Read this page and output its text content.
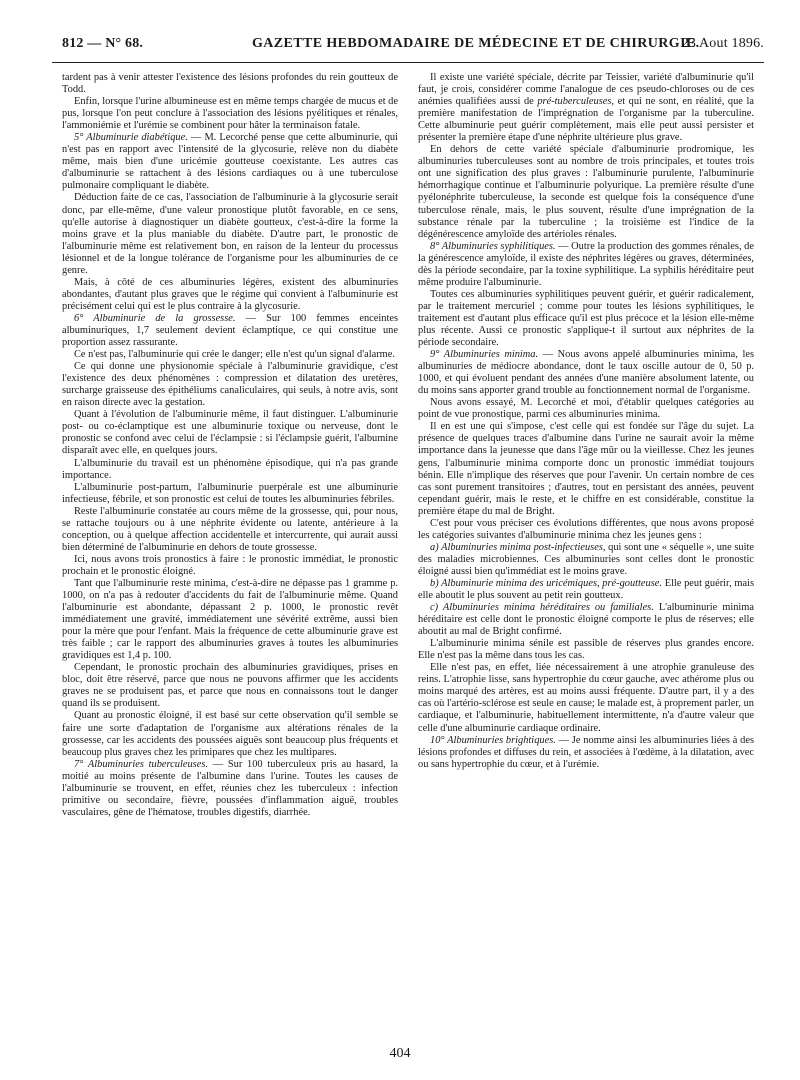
812 — N° 68.	GAZETTE HEBDOMADAIRE DE MÉDECINE ET DE CHIRURGIE.
23 Aout 1896.

tardent pas à venir attester l'existence des lésions profondes du rein goutteux de Todd.

Enfin, lorsque l'urine albumineuse est en même temps chargée de mucus et de pus, lorsque l'on peut conclure à l'association des lésions pyélitiques et rénales, l'ammoniémie et l'urémie se combinent pour hâter la terminaison fatale.

5° Albuminurie diabétique. — M. Lecorché pense que cette albuminurie, qui n'est pas en rapport avec l'intensité de la glycosurie, relève non du diabète même, mais bien d'une uricémie goutteuse coexistante. Les autres cas d'albuminurie se rattachent à des lésions cardiaques ou à une tuberculose pulmonaire compliquant le diabète.

Déduction faite de ce cas, l'association de l'albuminurie à la glycosurie serait donc, par elle-même, d'une valeur pronostique plutôt favorable, en ce sens, qu'elle autorise à diagnostiquer un diabète goutteux, c'est-à-dire la forme la moins grave et la plus maniable du diabète. D'autre part, le pronostic de l'albuminurie même est relativement bon, en raison de la lenteur du processus lésionnel et de la longue tolérance de l'organisme pour les albuminuries de ce genre.

Mais, à côté de ces albuminuries légères, existent des albuminuries abondantes, d'autant plus graves que le régime qui convient à l'albuminurie est précisément celui qui est le plus contraire à la glycosurie.

6° Albuminurie de la grossesse. — Sur 100 femmes enceintes albuminuriques, 1,7 seulement devient éclamptique, ce qui constitue une proportion assez rassurante.

Ce n'est pas, l'albuminurie qui crée le danger; elle n'est qu'un signal d'alarme.

Ce qui donne une physionomie spéciale à l'albuminurie gravidique, c'est l'existence des deux phénomènes : compression et dilatation des uretères, surcharge graisseuse des épithéliums canaliculaires, qui seuls, à notre avis, sont en raison directe avec la gestation.

Quant à l'évolution de l'albuminurie même, il faut distinguer. L'albuminurie post- ou co-éclamptique est une albuminurie toxique ou nerveuse, dont le pronostic se confond avec celui de l'éclampsie : si l'éclampsie guérit, l'albumine disparaît avec elle, en quelques jours.

L'albuminurie du travail est un phénomène épisodique, qui n'a pas grande importance.

L'albuminurie post-partum, l'albuminurie puerpérale est une albuminurie infectieuse, fébrile, et son pronostic est celui de toutes les albuminuries fébriles.

Reste l'albuminurie constatée au cours même de la grossesse, qui, pour nous, se rattache toujours ou à une néphrite évidente ou latente, antérieure à la conception, ou à quelque affection accidentelle et intercurrente, qui aurait aussi bien déterminé de l'albuminurie en dehors de toute grossesse.

Ici, nous avons trois pronostics à faire : le pronostic immédiat, le pronostic prochain et le pronostic éloigné.

Tant que l'albuminurie reste minima, c'est-à-dire ne dépasse pas 1 gramme p. 1000, on n'a pas à redouter d'accidents du fait de l'albuminurie même. Quand l'albuminurie est abondante, dépassant 2 p. 1000, le pronostic revêt immédiatement une gravité, immédiatement une sévérité extrême, aussi bien pour la mère que pour l'enfant. Mais la fréquence de cette albuminurie grave est très faible ; car le rapport des albuminuries graves à toutes les albuminuries gravidiques est 1,4 p. 100.

Cependant, le pronostic prochain des albuminuries gravidiques, prises en bloc, doit être réservé, parce que nous ne pouvons affirmer que les accidents graves ne se produisent pas, et parce que nous en connaissons tout le danger quand ils se produisent.

Quant au pronostic éloigné, il est basé sur cette observation qu'il semble se faire une sorte d'adaptation de l'organisme aux altérations rénales de la grossesse, car les accidents des poussées aiguës sont beaucoup plus fréquents et beaucoup plus graves chez les primipares que chez les multipares.

7° Albuminuries tuberculeuses. — Sur 100 tuberculeux pris au hasard, la moitié au moins présente de l'albumine dans l'urine. Toutes les causes de l'albuminurie se trouvent, en effet, réunies chez les tuberculeux : infection primitive ou secondaire, fièvre, poussées d'inflammation aiguë, troubles vasculaires, gêne de l'hématose, troubles digestifs, diarrhée.

Il existe une variété spéciale, décrite par Teissier, variété d'albuminurie qu'il faut, je crois, considérer comme l'analogue de ces pseudo-chloroses ou de ces anémies qualifiées aussi de pré-tuberculeuses, et qui ne sont, en réalité, que la première manifestation de l'imprégnation de l'organisme par la tuberculine. Cette albuminurie peut guérir complètement, mais elle peut aussi persister et présenter la première étape d'une néphrite ultérieure plus grave.

En dehors de cette variété spéciale d'albuminurie prodromique, les albuminuries tuberculeuses sont au nombre de trois principales, et toutes trois ont une signification des plus graves : l'albuminurie purulente, l'albuminurie hémorrhagique continue et l'albuminurie polyurique. La première résulte d'une pyélonéphrite tuberculeuse, la seconde est quelque fois la conséquence d'une tuberculose rénale, mais, le plus souvent, résulte d'une imprégnation de la substance rénale par la tuberculine ; la troisième est l'indice de la dégénérescence amyloïde des artérioles rénales.

8° Albuminuries syphilitiques. — Outre la production des gommes rénales, de la générescence amyloïde, il existe des néphrites légères ou graves, déterminées, dès la période secondaire, par la toxine syphilitique. La syphilis héréditaire peut même produire l'albuminurie.

Toutes ces albuminuries syphilitiques peuvent guérir, et guérir radicalement, par le traitement mercuriel ; comme pour toutes les lésions syphilitiques, le traitement est d'autant plus efficace qu'il est plus précoce et la lésion elle-même plus récente. Aussi ce pronostic s'applique-t il surtout aux néphrites de la période secondaire.

9° Albuminuries minima. — Nous avons appelé albuminuries minima, les albuminuries de médiocre abondance, dont le taux oscille autour de 0, 50 p. 1000, et qui évoluent pendant des années d'une manière absolument latente, ou du moins sans apporter grand trouble au fonctionnement normal de l'organisme.

Nous avons essayé, M. Lecorché et moi, d'établir quelques catégories au point de vue pronostique, parmi ces albuminuries minima.

Il en est une qui s'impose, c'est celle qui est fondée sur l'âge du sujet. La présence de quelques traces d'albumine dans l'urine ne saurait avoir la même importance dans la jeunesse que dans l'âge mûr ou la vieillesse. Chez les jeunes gens, l'albuminurie minima comporte donc un pronostic immédiat toujours bénin. Elle n'implique des réserves que pour l'avenir. Un certain nombre de ces cas sont purement transitoires ; d'autres, tout en persistant des années, peuvent cependant guérir, mais le reste, et le chiffre en est considérable, constitue la première étape du mal de Bright.

C'est pour vous préciser ces évolutions différentes, que nous avons proposé les catégories suivantes d'albuminurie minima chez les jeunes gens :

a) Albuminuries minima post-infectieuses, qui sont une « séquelle », une suite des maladies microbiennes. Ces albuminuries sont celles dont le pronostic éloigné aussi bien qu'immédiat est le moins grave.

b) Albuminurie minima des uricémiques, pré-goutteuse. Elle peut guérir, mais elle aboutit le plus souvent au petit rein goutteux.

c) Albuminuries minima héréditaires ou familiales. L'albuminurie minima héréditaire est celle dont le pronostic éloigné comporte le plus de réserves; elle aboutit au mal de Bright confirmé.

L'albuminurie minima sénile est passible de réserves plus grandes encore. Elle n'est pas la même dans tous les cas.

Elle n'est pas, en effet, liée nécessairement à une atrophie granuleuse des reins. L'atrophie lisse, sans hypertrophie du cœur gauche, avec athérome plus ou moins marqué des artères, est au moins aussi fréquente. D'autre part, il y a des cas où l'artério-sclérose est seule en cause; le malade est, à proprement parler, un cardiaque, et l'albuminurie, habituellement intermittente, n'a d'autre valeur que celle d'une albuminurie cardiaque ordinaire.

10° Albuminuries brightiques. — Je nomme ainsi les albuminuries liées à des lésions profondes et diffuses du rein, et associées à l'œdème, à la dilatation, avec ou sans hypertrophie du cœur, et à l'urémie.

404
